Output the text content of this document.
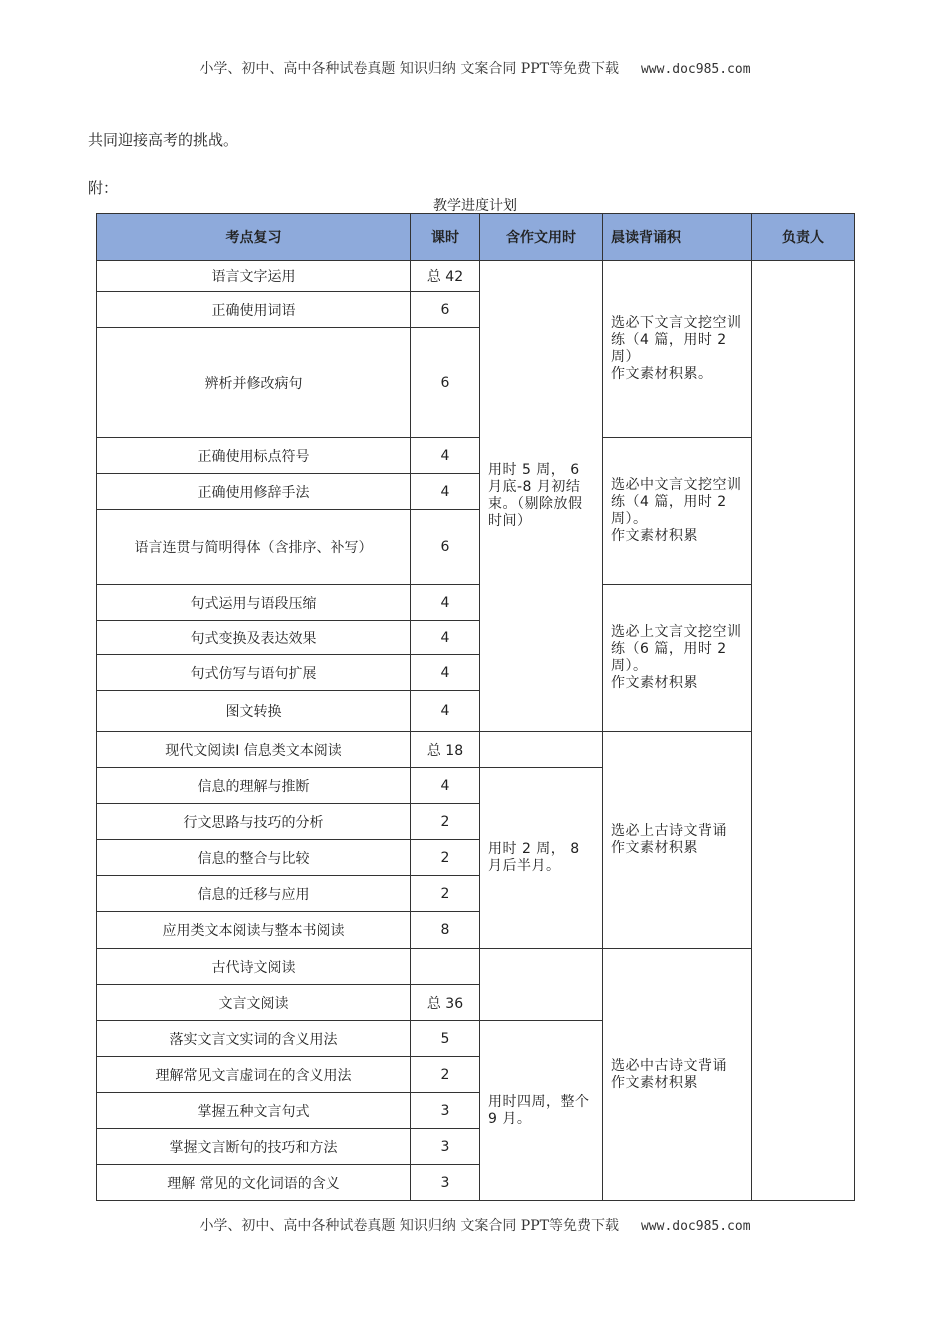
小学、初中、高中各种试卷真题 知识归纳 文案合同 PPT等免费下载 www.doc985.com
共同迎接高考的挑战。
附：
教学进度计划
考点复习	课时	含作文用时	晨读背诵积	负责人
语言文字运用	总 42	用时 5 周， 6 月底-8 月初结束。（剔除放假时间）	选必下文言文挖空训练（4 篇，用时 2 周）
作文素材积累。	

正确使用词语	6			
辨析并修改病句	6			
正确使用标点符号	4		选必中文言文挖空训练（4 篇，用时 2 周）。
作文素材积累	

正确使用修辞手法	4			
语言连贯与简明得体（含排序、补写）	6			
句式运用与语段压缩	4		选必上文言文挖空训练（6 篇，用时 2 周）。
作文素材积累	

句式变换及表达效果	4			
句式仿写与语句扩展	4			
图文转换	4			
现代文阅读Ⅰ 信息类文本阅读	总 18		选必上古诗文背诵
作文素材积累	

信息的理解与推断	4	用时 2 周， 8 月后半月。		
行文思路与技巧的分析	2			
信息的整合与比较	2			
信息的迁移与应用	2			
应用类文本阅读与整本书阅读	8			
古代诗文阅读			选必中古诗文背诵
作文素材积累	

文言文阅读	总 36			
落实文言文实词的含义用法	5	用时四周，整个 9 月。		
理解常见文言虚词在的含义用法	2			
掌握五种文言句式	3			
掌握文言断句的技巧和方法	3			
理解 常见的文化词语的含义	3			
小学、初中、高中各种试卷真题 知识归纳 文案合同 PPT等免费下载 www.doc985.com
